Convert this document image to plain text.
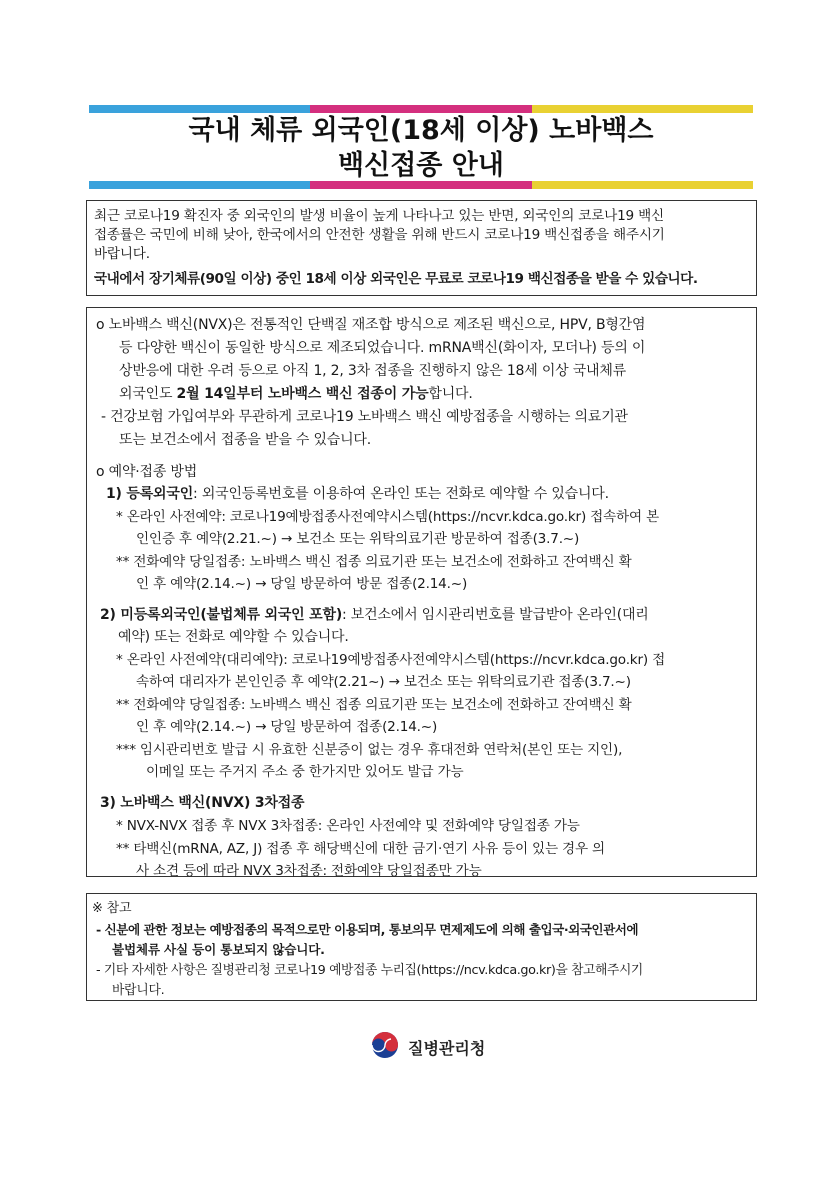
국내 체류 외국인(18세 이상) 노바백스
백신접종 안내
최근 코로나19 확진자 중 외국인의 발생 비율이 높게 나타나고 있는 반면, 외국인의 코로나19 백신
접종률은 국민에 비해 낮아, 한국에서의 안전한 생활을 위해 반드시 코로나19 백신접종을 해주시기
바랍니다.
국내에서 장기체류(90일 이상) 중인 18세 이상 외국인은 무료로 코로나19 백신접종을 받을 수 있습니다.
o 노바백스 백신(NVX)은 전통적인 단백질 재조합 방식으로 제조된 백신으로, HPV, B형간염
등 다양한 백신이 동일한 방식으로 제조되었습니다. mRNA백신(화이자, 모더나) 등의 이
상반응에 대한 우려 등으로 아직 1, 2, 3차 접종을 진행하지 않은 18세 이상 국내체류
외국인도 2월 14일부터 노바백스 백신 접종이 가능합니다.
- 건강보험 가입여부와 무관하게 코로나19 노바백스 백신 예방접종을 시행하는 의료기관
또는 보건소에서 접종을 받을 수 있습니다.
o 예약·접종 방법
1) 등록외국인: 외국인등록번호를 이용하여 온라인 또는 전화로 예약할 수 있습니다.
* 온라인 사전예약: 코로나19예방접종사전예약시스템(https://ncvr.kdca.go.kr) 접속하여 본
인인증 후 예약(2.21.~) → 보건소 또는 위탁의료기관 방문하여 접종(3.7.~)
** 전화예약 당일접종: 노바백스 백신 접종 의료기관 또는 보건소에 전화하고 잔여백신 확
인 후 예약(2.14.~) → 당일 방문하여 방문 접종(2.14.~)
2) 미등록외국인(불법체류 외국인 포함): 보건소에서 임시관리번호를 발급받아 온라인(대리
예약) 또는 전화로 예약할 수 있습니다.
* 온라인 사전예약(대리예약): 코로나19예방접종사전예약시스템(https://ncvr.kdca.go.kr) 접
속하여 대리자가 본인인증 후 예약(2.21~) → 보건소 또는 위탁의료기관 접종(3.7.~)
** 전화예약 당일접종: 노바백스 백신 접종 의료기관 또는 보건소에 전화하고 잔여백신 확
인 후 예약(2.14.~) → 당일 방문하여 접종(2.14.~)
*** 임시관리번호 발급 시 유효한 신분증이 없는 경우 휴대전화 연락처(본인 또는 지인),
이메일 또는 주거지 주소 중 한가지만 있어도 발급 가능
3) 노바백스 백신(NVX) 3차접종
* NVX-NVX 접종 후 NVX 3차접종: 온라인 사전예약 및 전화예약 당일접종 가능
** 타백신(mRNA, AZ, J) 접종 후 해당백신에 대한 금기·연기 사유 등이 있는 경우 의
사 소견 등에 따라 NVX 3차접종: 전화예약 당일접종만 가능
※ 참고
- 신분에 관한 정보는 예방접종의 목적으로만 이용되며, 통보의무 면제제도에 의해 출입국·외국인관서에
불법체류 사실 등이 통보되지 않습니다.
- 기타 자세한 사항은 질병관리청 코로나19 예방접종 누리집(https://ncv.kdca.go.kr)을 참고해주시기
바랍니다.
질병관리청
